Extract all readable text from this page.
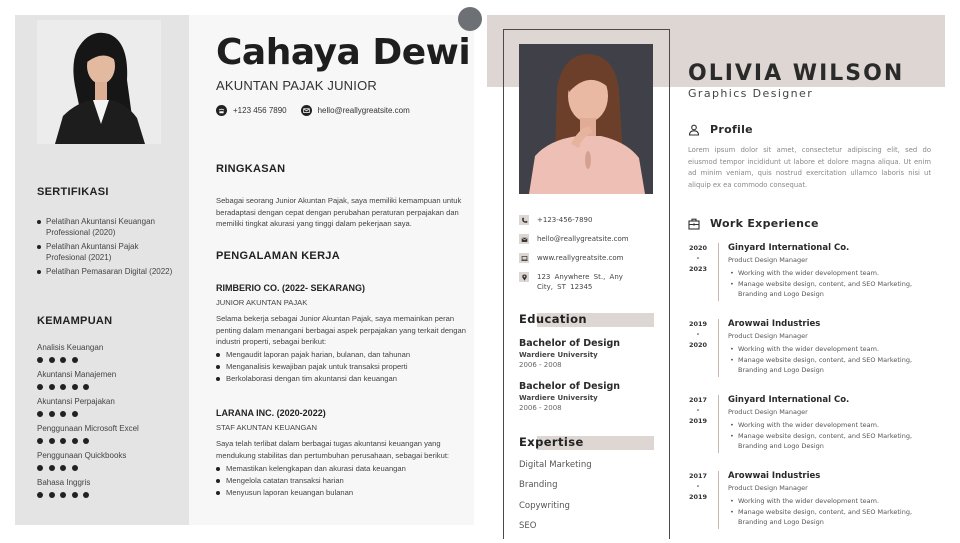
SERTIFIKASI
Pelatihan Akuntansi Keuangan Professional (2020)
Pelatihan Akuntansi Pajak Profesional (2021)
Pelatihan Pemasaran Digital (2022)
KEMAMPUAN
Analisis Keuangan
Akuntansi Manajemen
Akuntansi Perpajakan
Penggunaan Microsoft Excel
Penggunaan Quickbooks
Bahasa Inggris
Cahaya Dewi
AKUNTAN PAJAK JUNIOR
+123 456 7890	hello@reallygreatsite.com
RINGKASAN

Sebagai seorang Junior Akuntan Pajak, saya memiliki kemampuan untuk beradaptasi dengan cepat dengan perubahan peraturan perpajakan dan memiliki tingkat akurasi yang tinggi dalam pekerjaan saya.

PENGALAMAN KERJA
RIMBERIO CO. (2022- SEKARANG)
JUNIOR AKUNTAN PAJAK

Selama bekerja sebagai Junior Akuntan Pajak, saya memainkan peran penting dalam menangani berbagai aspek perpajakan yang terkait dengan industri properti, sebagai berikut:

Mengaudit laporan pajak harian, bulanan, dan tahunan
Menganalisis kewajiban pajak untuk transaksi properti
Berkolaborasi dengan tim akuntansi dan keuangan
LARANA INC. (2020-2022)
STAF AKUNTAN KEUANGAN

Saya telah terlibat dalam berbagai tugas akuntansi keuangan yang mendukung stabilitas dan pertumbuhan perusahaan, sebagai berikut:

Memastikan kelengkapan dan akurasi data keuangan
Mengelola catatan transaksi harian
Menyusun laporan keuangan bulanan
+123-456-7890
hello@reallygreatsite.com
www.reallygreatsite.com
123 Anywhere St., Any City, ST 12345
Education
Bachelor of Design
Wardiere University
2006 - 2008
Bachelor of Design
Wardiere University
2006 - 2008
Expertise
Digital Marketing
Branding
Copywriting
SEO
OLIVIA WILSON
Graphics Designer
Profile

Lorem ipsum dolor sit amet, consectetur adipiscing elit, sed do eiusmod tempor incididunt ut labore et dolore magna aliqua. Ut enim ad minim veniam, quis nostrud exercitation ullamco laboris nisi ut aliquip ex ea commodo consequat.

Work Experience
2020
-
2023
Ginyard International Co.
Product Design Manager
• Working with the wider development team.
• Manage website design, content, and SEO Marketing, Branding and Logo Design
2019
-
2020
Arowwai Industries
Product Design Manager
• Working with the wider development team.
• Manage website design, content, and SEO Marketing, Branding and Logo Design
2017
-
2019
Ginyard International Co.
Product Design Manager
• Working with the wider development team.
• Manage website design, content, and SEO Marketing, Branding and Logo Design
2017
-
2019
Arowwai Industries
Product Design Manager
• Working with the wider development team.
• Manage website design, content, and SEO Marketing, Branding and Logo Design
